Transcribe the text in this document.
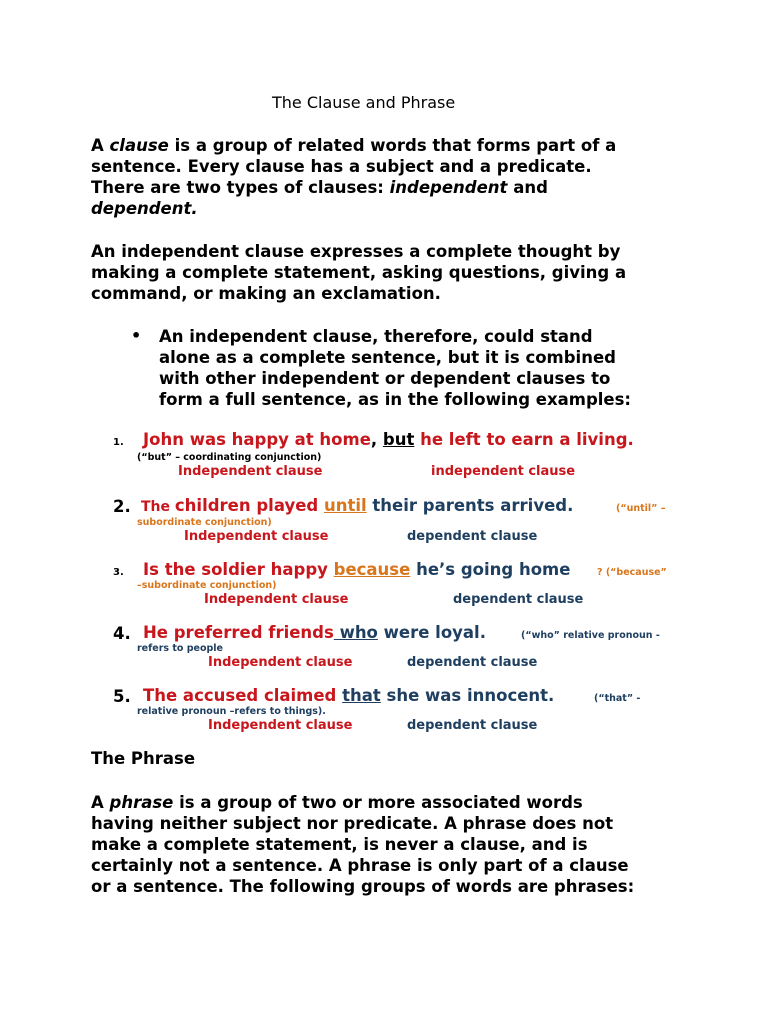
The Clause and Phrase
A clause is a group of related words that forms part of a
sentence. Every clause has a subject and a predicate.
There are two types of clauses: independent and
dependent.
An independent clause expresses a complete thought by
making a complete statement, asking questions, giving a
command, or making an exclamation.
• An independent clause, therefore, could stand
alone as a complete sentence, but it is combined
with other independent or dependent clauses to
form a full sentence, as in the following examples:
1. John was happy at home, but he left to earn a living.
(“but” – coordinating conjunction)
Independent clause	independent clause
2. The children played until their parents arrived.	(“until” –
subordinate conjunction)
Independent clause	dependent clause
3. Is the soldier happy because he’s going home	? (“because”
–subordinate conjunction)
Independent clause	dependent clause
4. He preferred friends who were loyal.	(“who” relative pronoun -
refers to people
Independent clause	dependent clause
5. The accused claimed that she was innocent.	(“that” -
relative pronoun –refers to things).
Independent clause	dependent clause
The Phrase
A phrase is a group of two or more associated words
having neither subject nor predicate. A phrase does not
make a complete statement, is never a clause, and is
certainly not a sentence. A phrase is only part of a clause
or a sentence. The following groups of words are phrases:
